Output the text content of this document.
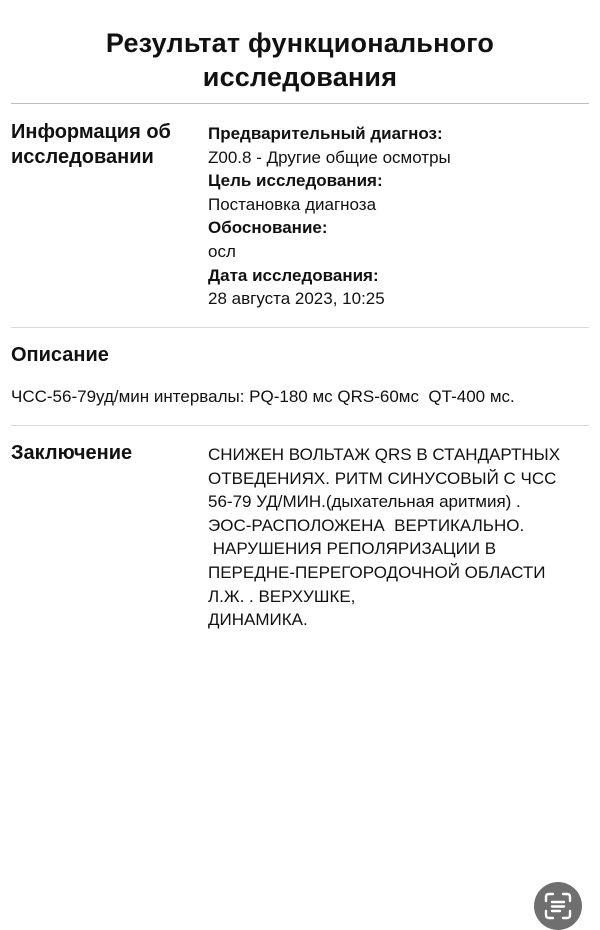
Результат функционального
исследования
Информация об
исследовании
Предварительный диагноз:
Z00.8 - Другие общие осмотры
Цель исследования:
Постановка диагноза
Обоснование:
осл
Дата исследования:
28 августа 2023, 10:25
Описание
ЧСС-56-79уд/мин интервалы: PQ-180 мс QRS-60мс  QT-400 мс.
Заключение	СНИЖЕН ВОЛЬТАЖ QRS В СТАНДАРТНЫХ
ОТВЕДЕНИЯХ. РИТМ СИНУСОВЫЙ С ЧСС
56-79 УД/МИН.(дыхательная аритмия) .
ЭОС-РАСПОЛОЖЕНА  ВЕРТИКАЛЬНО.
НАРУШЕНИЯ РЕПОЛЯРИЗАЦИИ В
ПЕРЕДНЕ-ПЕРЕГОРОДОЧНОЙ ОБЛАСТИ
Л.Ж. . ВЕРХУШКЕ,
ДИНАМИКА.
